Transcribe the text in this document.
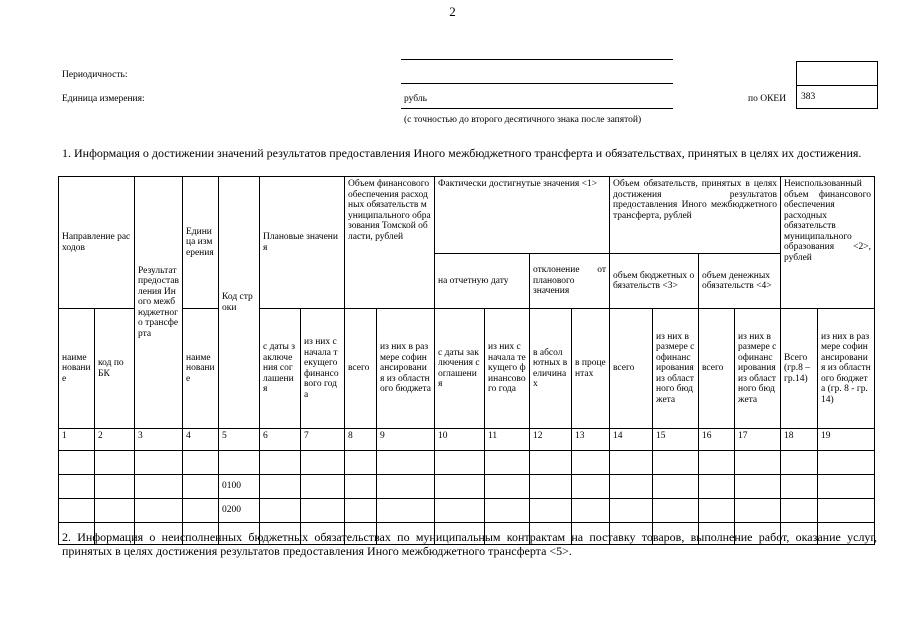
2
Периодичность:
Единица измерения:	рубль
(с точностью до второго десятичного знака после запятой)
по ОКЕИ	383
1. Информация о достижении значений результатов предоставления Иного межбюджетного трансферта и обязательствах, принятых в целях их достижения.
Направление расходов		Результат предоставления Иного межбюджетного трансферта	Единица измерения	Код строки	Плановые значения		Объем финансового обеспечения расходных обязательств муниципального образования Томской области, рублей		Фактически достигнутые значения <1>				Объем обязательств, принятых в целях достижения результатов предоставления Иного межбюджетного трансферта, рублей				Неиспользованный объем финансового обеспечения расходных обязательств муниципального образования <2>, рублей	
									на отчетную дату		отклонение от планового значения		объем бюджетных обязательств <3>		объем денежных обязательств <4>			
наименование	код по БК		наименование		с даты заключения соглашения	из них с начала текущего финансового года	всего	из них в размере софинансирования из областного бюджета	с даты заключения соглашения	из них с начала текущего финансового года	в абсолютных величинах	в процентах	всего	из них в размере софинансирования из областного бюджета	всего	из них в размере софинансирования из областного бюджета	Всего (гр.8 – гр.14)	из них в размере софинансирования из областного бюджета (гр. 8 - гр. 14)
1	2	3	4	5	6	7	8	9	10	11	12	13	14	15	16	17	18	19

				0100														
				0200														

2. Информация о неисполненных бюджетных обязательствах по муниципальным контрактам на поставку товаров, выполнение работ, оказание услуг, принятых в целях достижения результатов предоставления Иного межбюджетного трансферта <5>.
